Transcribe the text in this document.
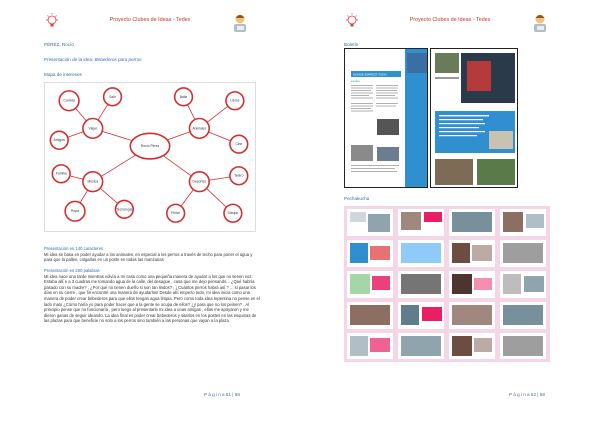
Proyecto Clubes de Ideas - Tedex
PÉREZ, Rocío
Presentación de la idea: Bebederos para perros
Mapa de intereses
Rocío Pérez
Viajar
Música
Animales
Deportes
Comida
Salir
Amigos
Familia
Ropa	Tecnología
Baile
Libros
Cine
Teatro
Dibujar
Pintar
Presentación en 140 caracteres
Mi idea se basa en poder ayudar a los animales, en especial a los perros a través de techo para poner el agua y para que la pallen, colgarlas en un poste en todas las manzanas
Presentación en 200 palabras
Mi idea nace una tarde mientras volvía a mi casa como una pequeña manera de ayudar a los que no tienen voz. Estaba allí e a 3 cuadras me tomando agua de la calle, del desague , casa que me dejo pensando... ¿Qué habría pasado con su madre? , ¿Por qué no tienen dueño si son tan lindos? , ¿Cuántos perros habrá así ? ... si pasar los días en su cierre , que fin encontré una manera de ayudarlos! Desde ahí empezo todo, mi idea inicia como una manera de poder crear bebederos para que ellos tengan agua limpia. Pero como toda idea repentina no pense en el lado malo ¿Cómo haría yo para poder hacer que a la gente se ocupa de ellos? ¿y para que no los peinen? . Al principio pense que no funcionaría , pero luego al presentarle mi idea a unas amigas , ellas me apoyaron y me dieron ganas de seguir ideando. La idea final es poder crear bebederos y sitarlos en los postes en las esquinas de las plazas para que beneficie no solo a los perros sino también a las personas que vayan a la plaza.
P á g i n a 51 | 58
Proyecto Clubes de Ideas - Tedex
Boletín
DONDE EMPEZÓ TODO
La idea
Pechakucha
P á g i n a 52 | 58
